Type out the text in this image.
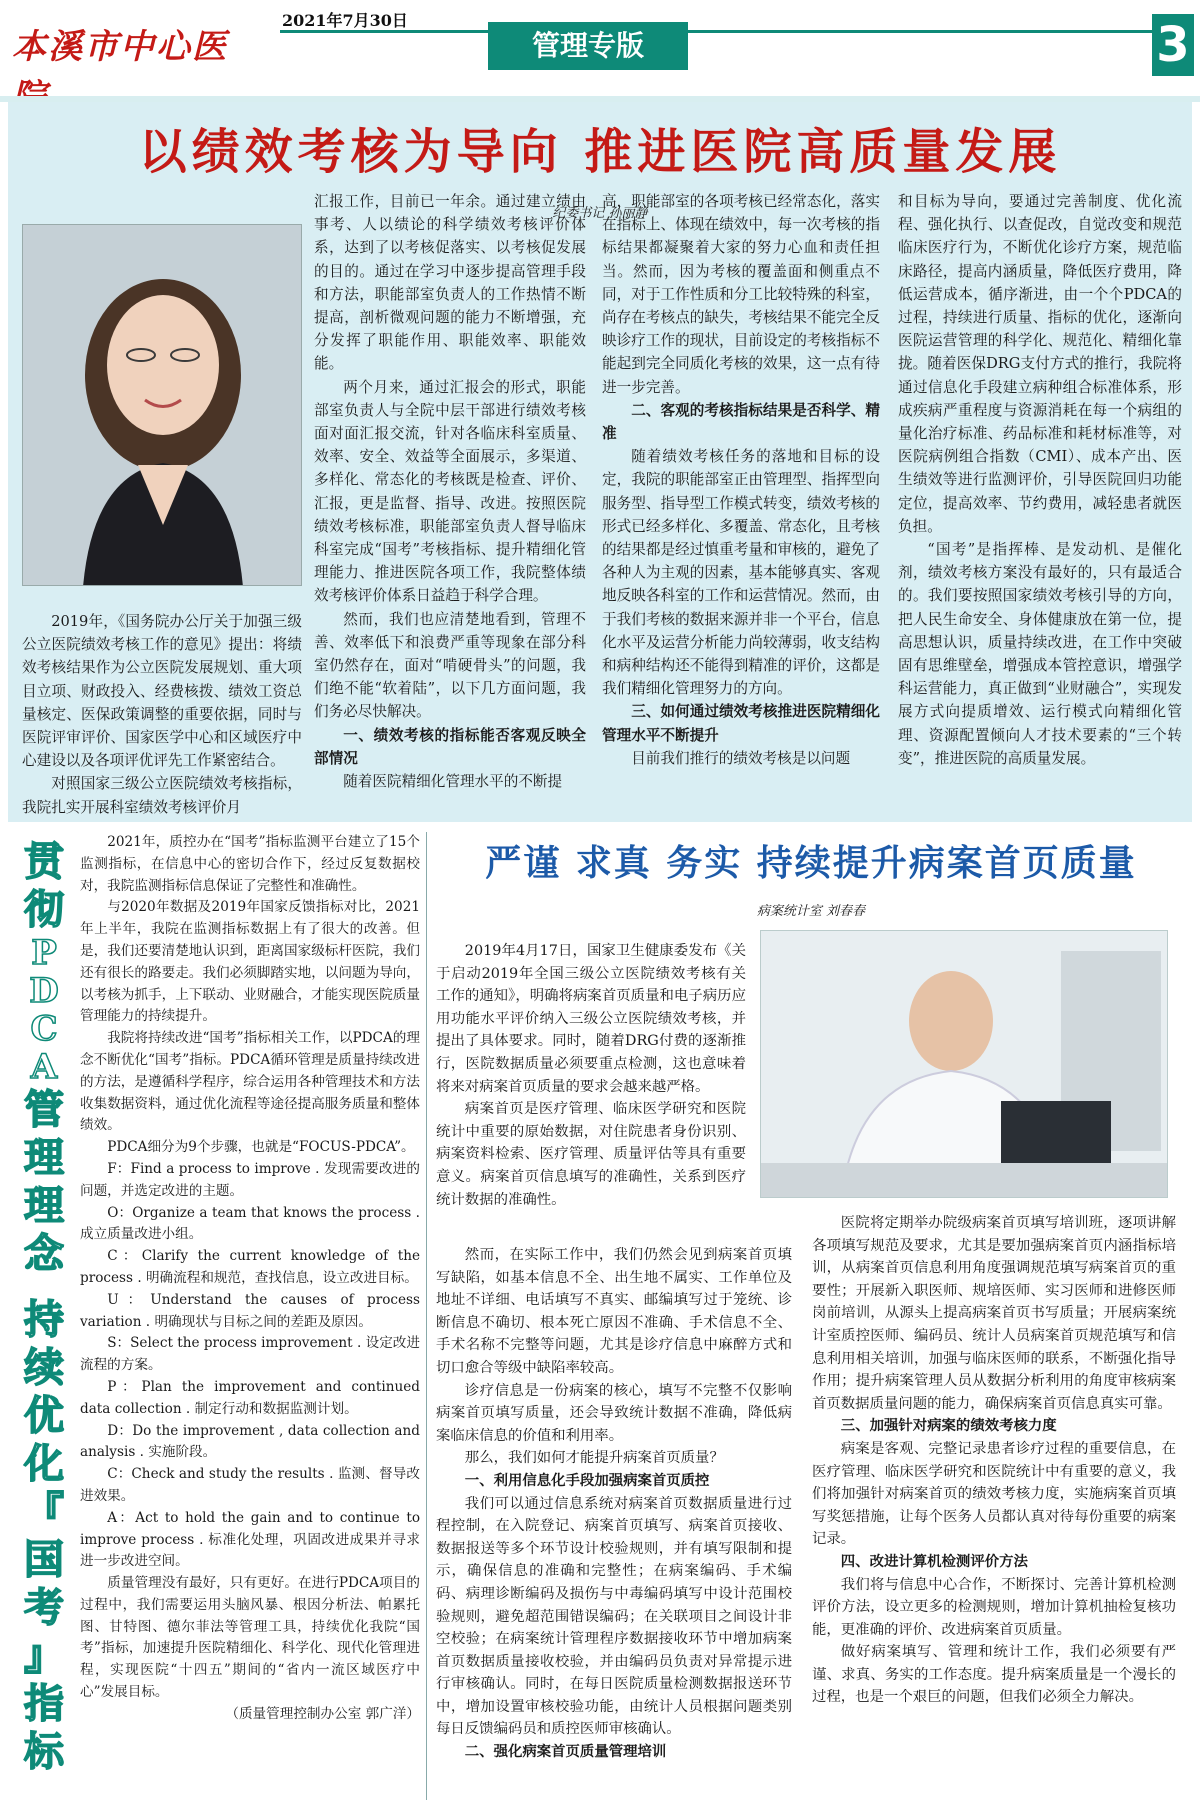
本溪市中心医
2021年7月30日
管理专版	3
以绩效考核为导向 推进医院高质量发展
纪委书记 孙丽静

2019年，《国务院办公厅关于加强三级公立医院绩效考核工作的意见》提出：将绩效考核结果作为公立医院发展规划、重大项目立项、财政投入、经费核拨、绩效工资总量核定、医保政策调整的重要依据，同时与医院评审评价、国家医学中心和区域医疗中心建设以及各项评优评先工作紧密结合。

对照国家三级公立医院绩效考核指标，我院扎实开展科室绩效考核评价月

汇报工作，目前已一年余。通过建立绩由事考、人以绩论的科学绩效考核评价体系，达到了以考核促落实、以考核促发展的目的。通过在学习中逐步提高管理手段和方法，职能部室负责人的工作热情不断提高，剖析微观问题的能力不断增强，充分发挥了职能作用、职能效率、职能效能。

两个月来，通过汇报会的形式，职能部室负责人与全院中层干部进行绩效考核面对面汇报交流，针对各临床科室质量、效率、安全、效益等全面展示，多渠道、多样化、常态化的考核既是检查、评价、汇报，更是监督、指导、改进。按照医院绩效考核标准，职能部室负责人督导临床科室完成“国考”考核指标、提升精细化管理能力、推进医院各项工作，我院整体绩效考核评价体系日益趋于科学合理。

然而，我们也应清楚地看到，管理不善、效率低下和浪费严重等现象在部分科室仍然存在，面对“啃硬骨头”的问题，我们绝不能“软着陆”，以下几方面问题，我们务必尽快解决。

一、绩效考核的指标能否客观反映全部情况

随着医院精细化管理水平的不断提

高，职能部室的各项考核已经常态化，落实在指标上、体现在绩效中，每一次考核的指标结果都凝聚着大家的努力心血和责任担当。然而，因为考核的覆盖面和侧重点不同，对于工作性质和分工比较特殊的科室，尚存在考核点的缺失，考核结果不能完全反映诊疗工作的现状，目前设定的考核指标不能起到完全同质化考核的效果，这一点有待进一步完善。

二、客观的考核指标结果是否科学、精准

随着绩效考核任务的落地和目标的设定，我院的职能部室正由管理型、指挥型向服务型、指导型工作模式转变，绩效考核的形式已经多样化、多覆盖、常态化，且考核的结果都是经过慎重考量和审核的，避免了各种人为主观的因素，基本能够真实、客观地反映各科室的工作和运营情况。然而，由于我们考核的数据来源并非一个平台，信息化水平及运营分析能力尚较薄弱，收支结构和病种结构还不能得到精准的评价，这都是我们精细化管理努力的方向。

三、如何通过绩效考核推进医院精细化管理水平不断提升

目前我们推行的绩效考核是以问题

和目标为导向，要通过完善制度、优化流程、强化执行、以查促改，自觉改变和规范临床医疗行为，不断优化诊疗方案，规范临床路径，提高内涵质量，降低医疗费用，降低运营成本，循序渐进，由一个个PDCA的过程，持续进行质量、指标的优化，逐渐向医院运营管理的科学化、规范化、精细化靠拢。随着医保DRG支付方式的推行，我院将通过信息化手段建立病种组合标准体系，形成疾病严重程度与资源消耗在每一个病组的量化治疗标准、药品标准和耗材标准等，对医院病例组合指数（CMI）、成本产出、医生绩效等进行监测评价，引导医院回归功能定位，提高效率、节约费用，减轻患者就医负担。

“国考”是指挥棒、是发动机、是催化剂，绩效考核方案没有最好的，只有最适合的。我们要按照国家绩效考核引导的方向，把人民生命安全、身体健康放在第一位，提高思想认识，质量持续改进，在工作中突破固有思维壁垒，增强成本管控意识，增强学科运营能力，真正做到“业财融合”，实现发展方式向提质增效、运行模式向精细化管理、资源配置倾向人才技术要素的“三个转变”，推进医院的高质量发展。

贯
彻
P
D
C
A
管
理
理
念

持
续
优
化
『
国
考
』
指
标

2021年，质控办在“国考”指标监测平台建立了15个监测指标，在信息中心的密切合作下，经过反复数据校对，我院监测指标信息保证了完整性和准确性。

与2020年数据及2019年国家反馈指标对比，2021年上半年，我院在监测指标数据上有了很大的改善。但是，我们还要清楚地认识到，距离国家级标杆医院，我们还有很长的路要走。我们必须脚踏实地，以问题为导向，以考核为抓手，上下联动、业财融合，才能实现医院质量管理能力的持续提升。

我院将持续改进“国考”指标相关工作，以PDCA的理念不断优化“国考”指标。PDCA循环管理是质量持续改进的方法，是遵循科学程序，综合运用各种管理技术和方法收集数据资料，通过优化流程等途径提高服务质量和整体绩效。

PDCA细分为9个步骤，也就是“FOCUS-PDCA”。

F：Find a process to improve . 发现需要改进的问题，并选定改进的主题。

O：Organize a team that knows the process . 成立质量改进小组。

C：Clarify the current knowledge of the process . 明确流程和规范，查找信息，设立改进目标。

U：Understand the causes of process variation . 明确现状与目标之间的差距及原因。

S：Select the process improvement . 设定改进流程的方案。

P：Plan the improvement and continued data collection . 制定行动和数据监测计划。

D：Do the improvement , data collection and analysis . 实施阶段。

C：Check and study the results . 监测、督导改进效果。

A：Act to hold the gain and to continue to improve process . 标准化处理，巩固改进成果并寻求进一步改进空间。

质量管理没有最好，只有更好。在进行PDCA项目的过程中，我们需要运用头脑风暴、根因分析法、帕累托图、甘特图、德尔菲法等管理工具，持续优化我院“国考”指标，加速提升医院精细化、科学化、现代化管理进程，实现医院“十四五”期间的“省内一流区域医疗中心”发展目标。

（质量管理控制办公室 郭广洋）

严谨 求真 务实 持续提升病案首页质量
病案统计室 刘春春

2019年4月17日，国家卫生健康委发布《关于启动2019年全国三级公立医院绩效考核有关工作的通知》，明确将病案首页质量和电子病历应用功能水平评价纳入三级公立医院绩效考核，并提出了具体要求。同时，随着DRG付费的逐渐推行，医院数据质量必须要重点检测，这也意味着将来对病案首页质量的要求会越来越严格。

病案首页是医疗管理、临床医学研究和医院统计中重要的原始数据，对住院患者身份识别、病案资料检索、医疗管理、质量评估等具有重要意义。病案首页信息填写的准确性，关系到医疗统计数据的准确性。

然而，在实际工作中，我们仍然会见到病案首页填写缺陷，如基本信息不全、出生地不属实、工作单位及地址不详细、电话填写不真实、邮编填写过于笼统、诊断信息不确切、根本死亡原因不准确、手术信息不全、手术名称不完整等问题，尤其是诊疗信息中麻醉方式和切口愈合等级中缺陷率较高。

诊疗信息是一份病案的核心，填写不完整不仅影响病案首页填写质量，还会导致统计数据不准确，降低病案临床信息的价值和利用率。

那么，我们如何才能提升病案首页质量？

一、利用信息化手段加强病案首页质控

我们可以通过信息系统对病案首页数据质量进行过程控制，在入院登记、病案首页填写、病案首页接收、数据报送等多个环节设计校验规则，并有填写限制和提示，确保信息的准确和完整性；在病案编码、手术编码、病理诊断编码及损伤与中毒编码填写中设计范围校验规则，避免超范围错误编码；在关联项目之间设计非空校验；在病案统计管理程序数据接收环节中增加病案首页数据质量接收校验，并由编码员负责对异常提示进行审核确认。同时，在每日医院质量检测数据报送环节中，增加设置审核校验功能，由统计人员根据问题类别每日反馈编码员和质控医师审核确认。

二、强化病案首页质量管理培训

医院将定期举办院级病案首页填写培训班，逐项讲解各项填写规范及要求，尤其是要加强病案首页内涵指标培训，从病案首页信息利用角度强调规范填写病案首页的重要性；开展新入职医师、规培医师、实习医师和进修医师岗前培训，从源头上提高病案首页书写质量；开展病案统计室质控医师、编码员、统计人员病案首页规范填写和信息利用相关培训，加强与临床医师的联系，不断强化指导作用；提升病案管理人员从数据分析利用的角度审核病案首页数据质量问题的能力，确保病案首页信息真实可靠。

三、加强针对病案的绩效考核力度

病案是客观、完整记录患者诊疗过程的重要信息，在医疗管理、临床医学研究和医院统计中有重要的意义，我们将加强针对病案首页的绩效考核力度，实施病案首页填写奖惩措施，让每个医务人员都认真对待每份重要的病案记录。

四、改进计算机检测评价方法

我们将与信息中心合作，不断探讨、完善计算机检测评价方法，设立更多的检测规则，增加计算机抽检复核功能，更准确的评价、改进病案首页质量。

做好病案填写、管理和统计工作，我们必须要有严谨、求真、务实的工作态度。提升病案质量是一个漫长的过程，也是一个艰巨的问题，但我们必须全力解决。
